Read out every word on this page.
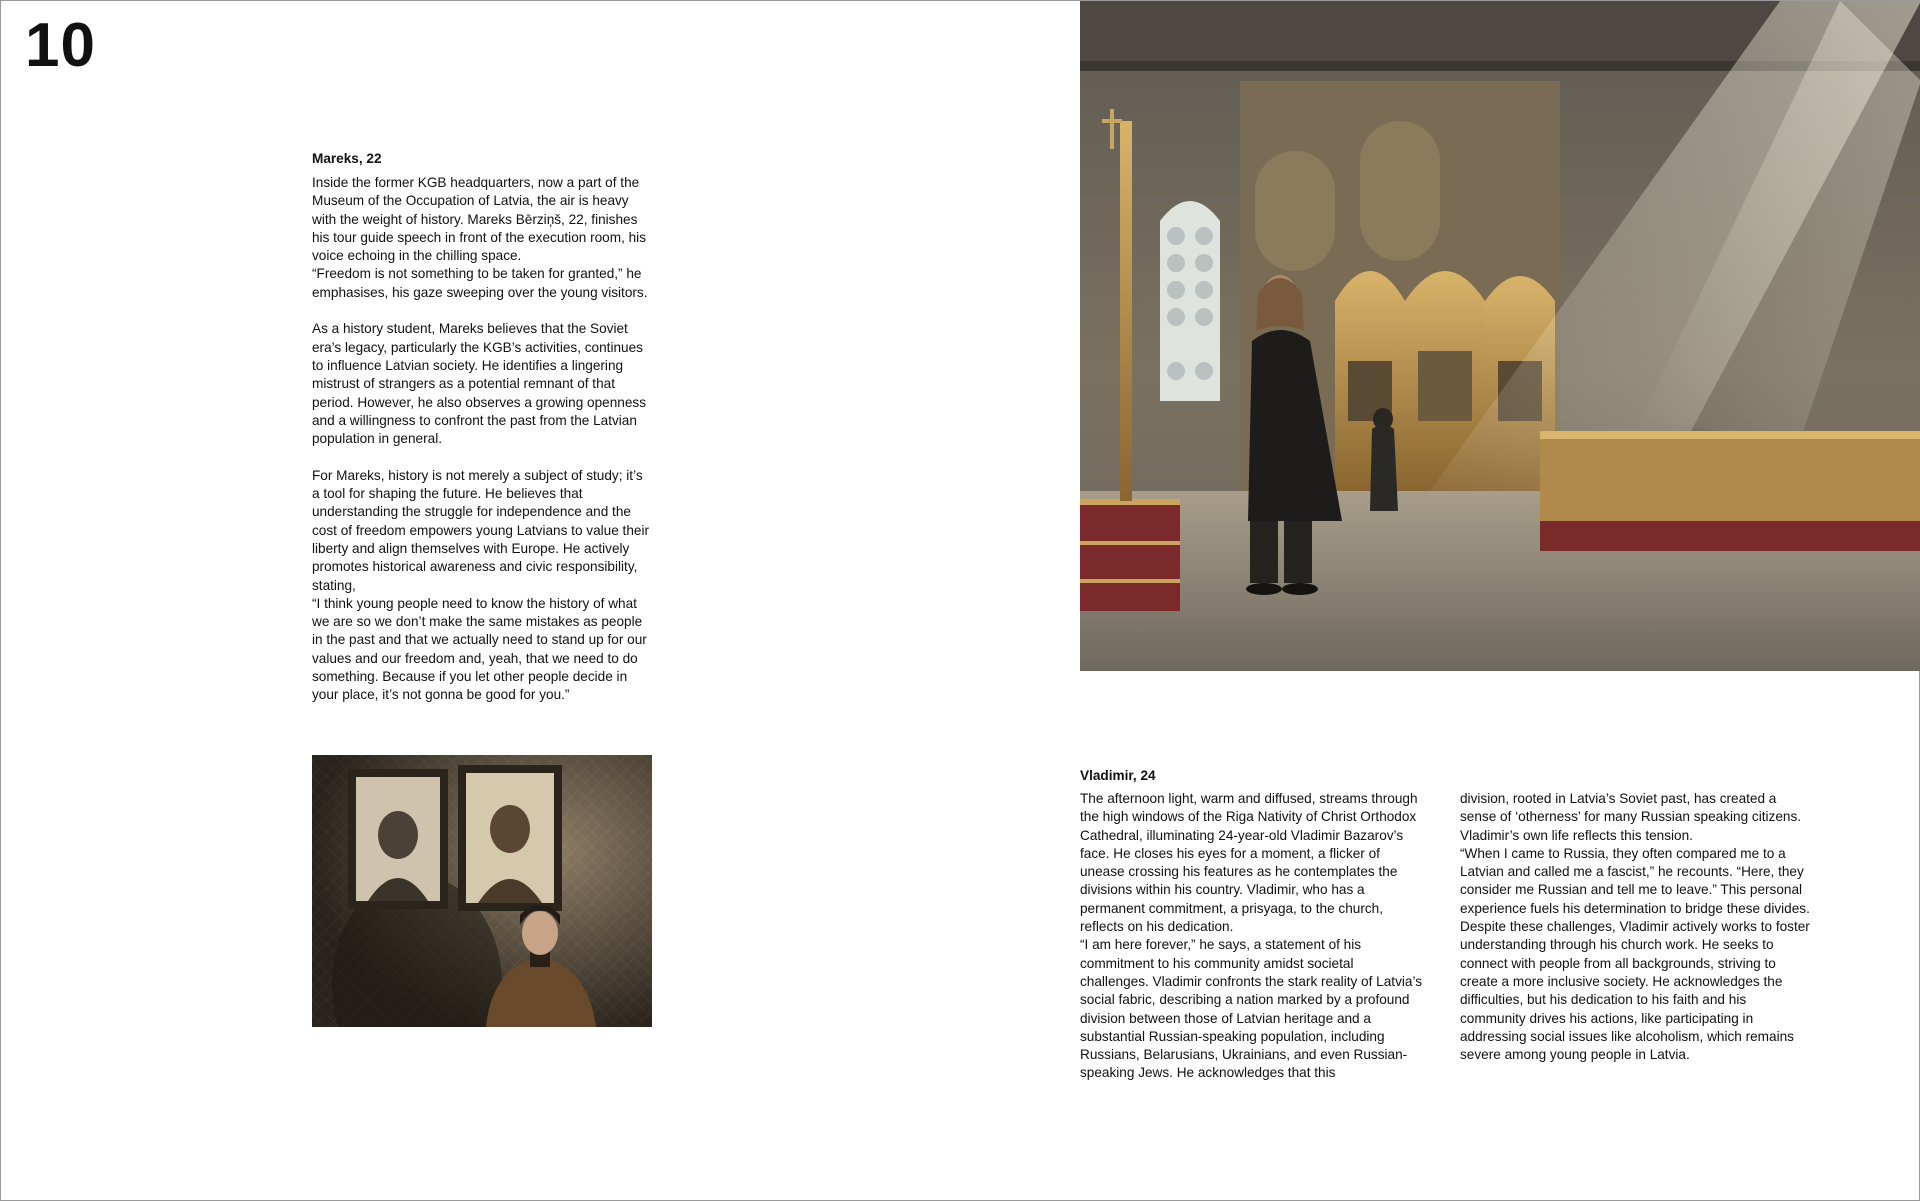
10
Mareks, 22

Inside the former KGB headquarters, now a part of the Museum of the Occupation of Latvia, the air is heavy with the weight of history. Mareks Bērziņš, 22, finishes his tour guide speech in front of the execution room, his voice echoing in the chilling space.

“Freedom is not something to be taken for granted,” he emphasises, his gaze sweeping over the young visitors.

As a history student, Mareks believes that the Soviet era’s legacy, particularly the KGB’s activities, continues to influence Latvian society. He identifies a lingering mistrust of strangers as a potential remnant of that period. However, he also observes a growing openness and a willingness to confront the past from the Latvian population in general.

For Mareks, history is not merely a subject of study; it’s a tool for shaping the future. He believes that understanding the struggle for independence and the cost of freedom empowers young Latvians to value their liberty and align themselves with Europe. He actively promotes historical awareness and civic responsibility, stating,

“I think young people need to know the history of what we are so we don’t make the same mistakes as people in the past and that we actually need to stand up for our values and our freedom and, yeah, that we need to do something. Because if you let other people decide in your place, it’s not gonna be good for you.”

Vladimir, 24

The afternoon light, warm and diffused, streams through the high windows of the Riga Nativity of Christ Orthodox Cathedral, illuminating 24-year-old Vladimir Bazarov’s face. He closes his eyes for a moment, a flicker of unease crossing his features as he contemplates the divisions within his country. Vladimir, who has a permanent commitment, a prisyaga, to the church, reflects on his dedication.

“I am here forever,” he says, a statement of his commitment to his community amidst societal challenges. Vladimir confronts the stark reality of Latvia’s social fabric, describing a nation marked by a profound division between those of Latvian heritage and a substantial Russian-speaking population, including Russians, Belarusians, Ukrainians, and even Russian-speaking Jews. He acknowledges that this

division, rooted in Latvia’s Soviet past, has created a sense of ‘otherness’ for many Russian speaking citizens. Vladimir’s own life reflects this tension.

“When I came to Russia, they often compared me to a Latvian and called me a fascist,” he recounts. “Here, they consider me Russian and tell me to leave.” This personal experience fuels his determination to bridge these divides.

Despite these challenges, Vladimir actively works to foster understanding through his church work. He seeks to connect with people from all backgrounds, striving to create a more inclusive society. He acknowledges the difficulties, but his dedication to his faith and his community drives his actions, like participating in addressing social issues like alcoholism, which remains severe among young people in Latvia.
